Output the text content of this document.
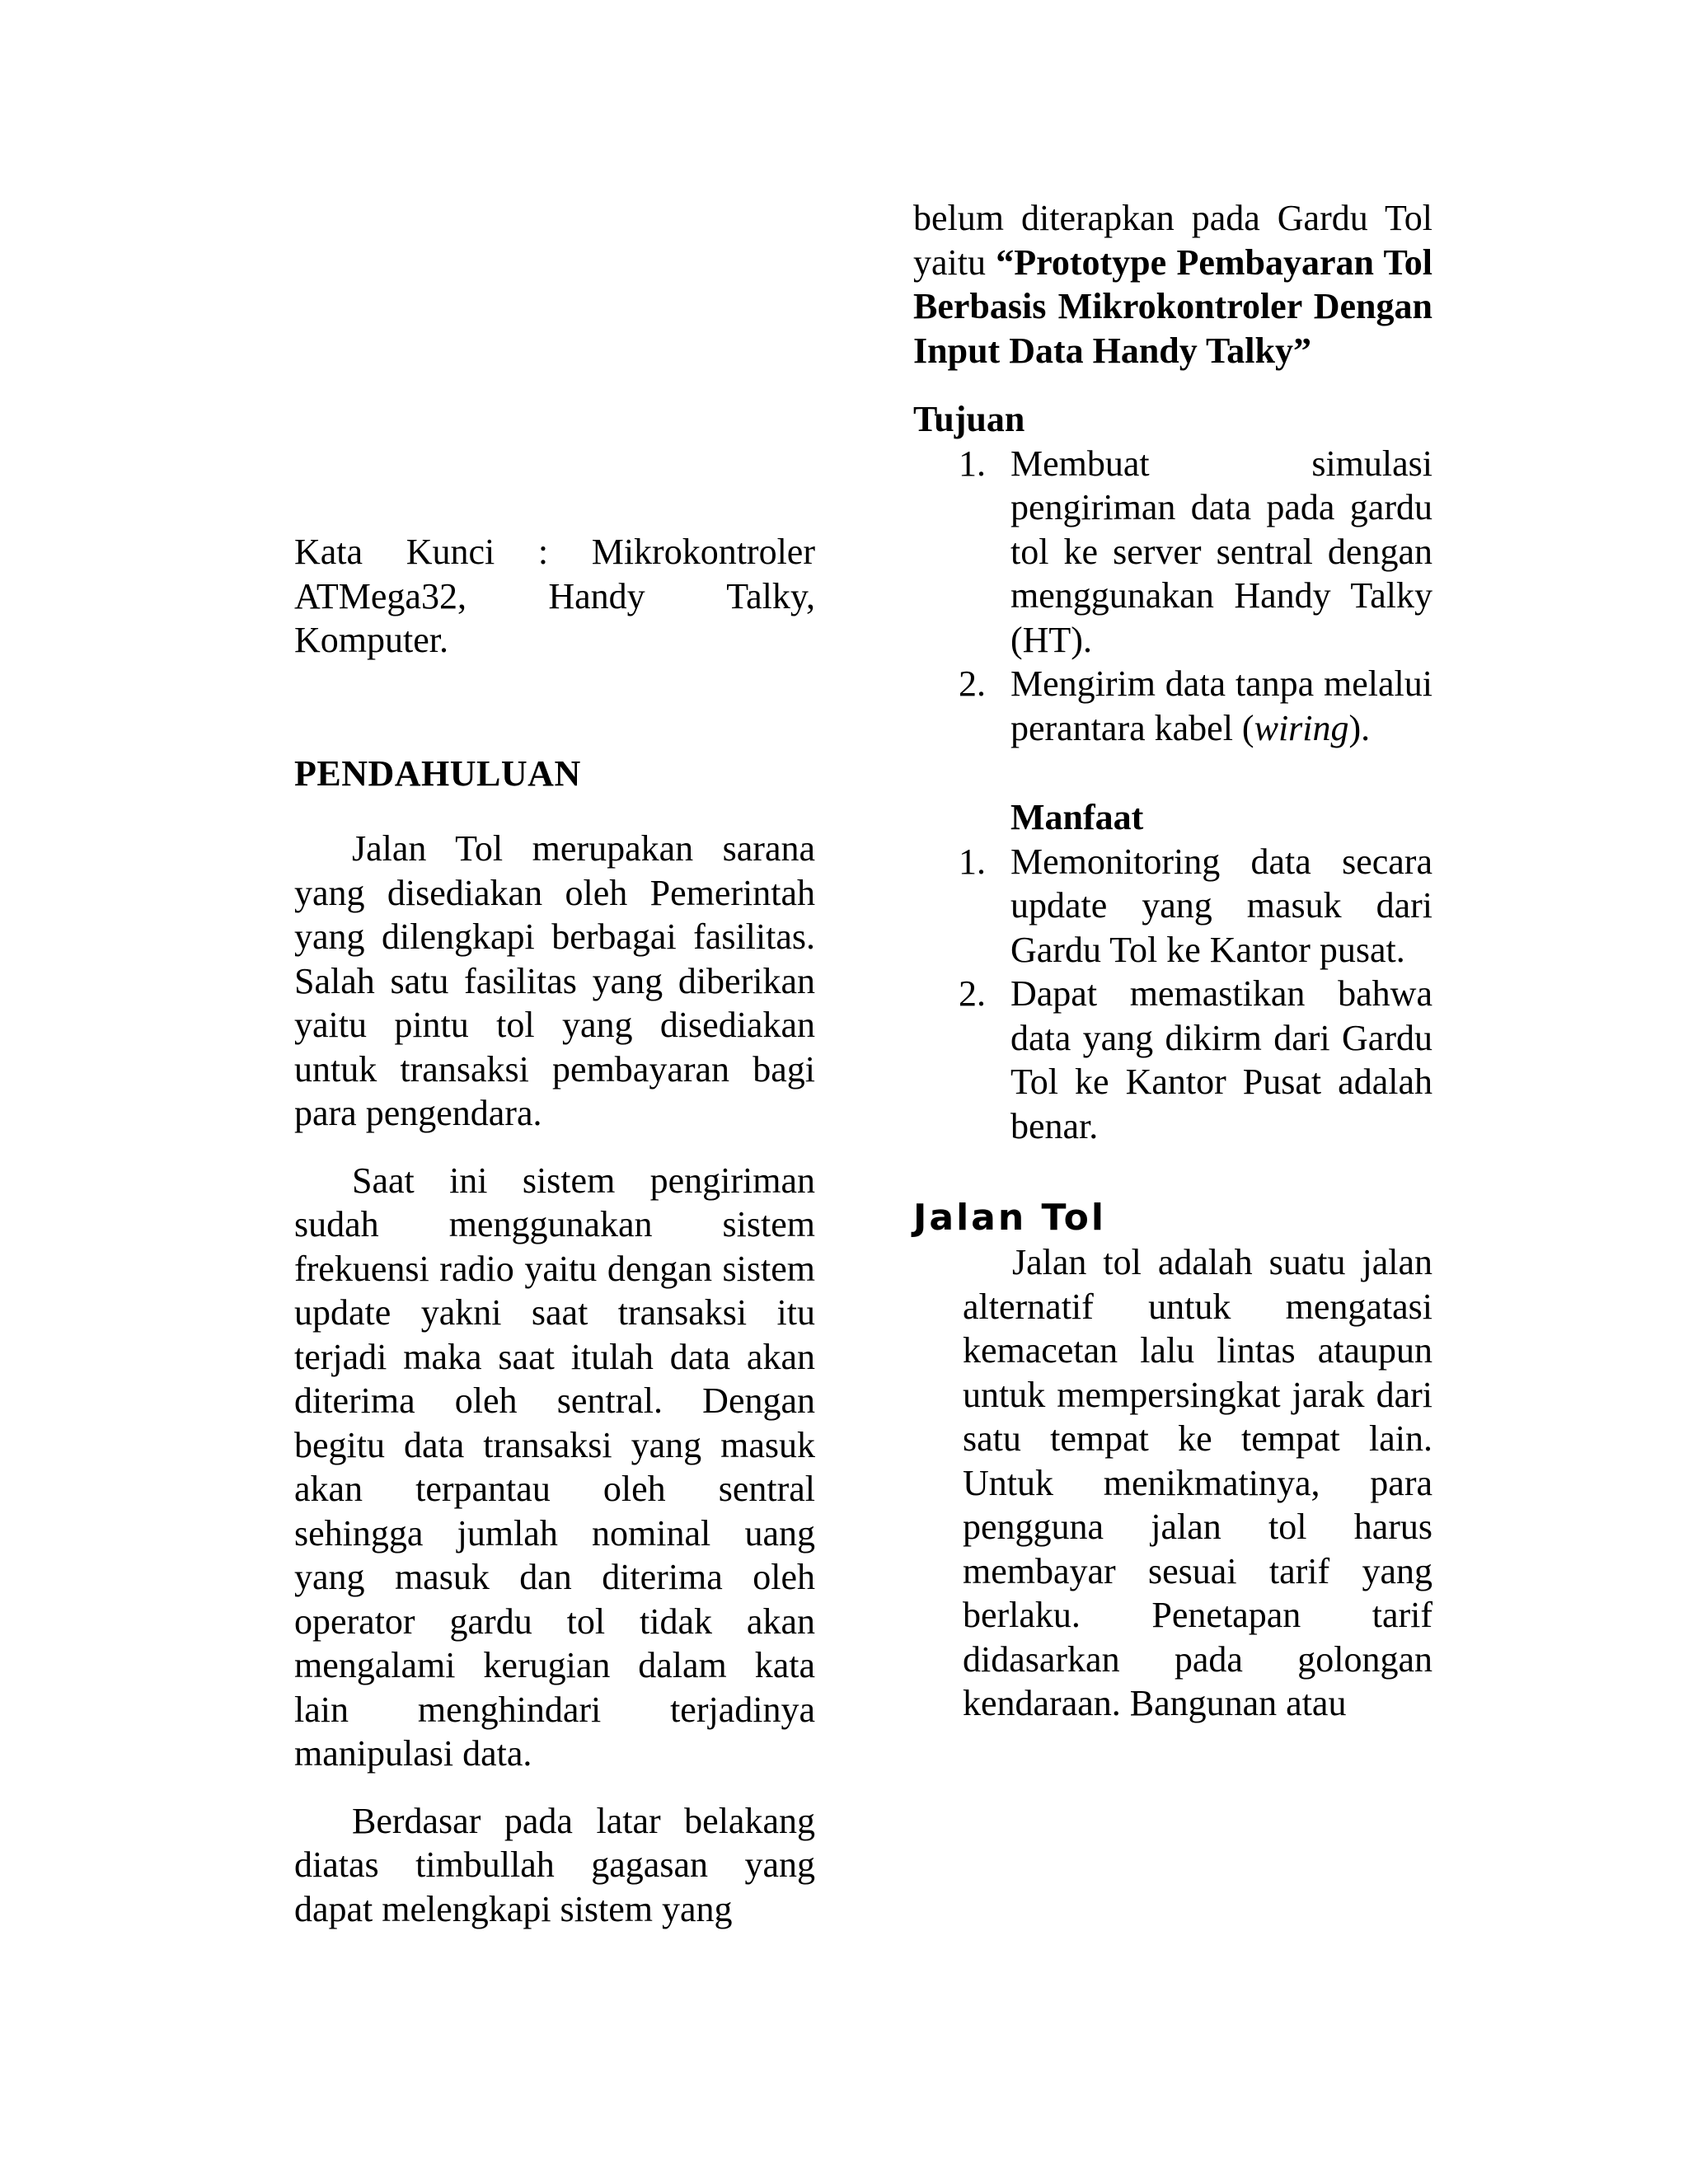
Kata Kunci : Mikrokontroler ATMega32, Handy Talky, Komputer.

PENDAHULUAN

Jalan Tol merupakan sarana yang disediakan oleh Pemerintah yang dilengkapi berbagai fasilitas. Salah satu fasilitas yang diberikan yaitu pintu tol yang disediakan untuk transaksi pembayaran bagi para pengendara.

Saat ini sistem pengiriman sudah menggunakan sistem frekuensi radio yaitu dengan sistem update yakni saat transaksi itu terjadi maka saat itulah data akan diterima oleh sentral. Dengan begitu data transaksi yang masuk akan terpantau oleh sentral sehingga jumlah nominal uang yang masuk dan diterima oleh operator gardu tol tidak akan mengalami kerugian dalam kata lain menghindari terjadinya manipulasi data.

Berdasar pada latar belakang diatas timbullah gagasan yang dapat melengkapi sistem yang

belum diterapkan pada Gardu Tol yaitu “Prototype Pembayaran Tol Berbasis Mikrokontroler Dengan Input Data Handy Talky”

Tujuan
1. Membuat simulasi pengiriman data pada gardu tol ke server sentral dengan menggunakan Handy Talky (HT).
2. Mengirim data tanpa melalui perantara kabel (wiring).
Manfaat
1. Memonitoring data secara update yang masuk dari Gardu Tol ke Kantor pusat.
2. Dapat memastikan bahwa data yang dikirm dari Gardu Tol ke Kantor Pusat adalah benar.
Jalan Tol

Jalan tol adalah suatu jalan alternatif untuk mengatasi kemacetan lalu lintas ataupun untuk mempersingkat jarak dari satu tempat ke tempat lain. Untuk menikmatinya, para pengguna jalan tol harus membayar sesuai tarif yang berlaku. Penetapan tarif didasarkan pada golongan kendaraan. Bangunan atau
